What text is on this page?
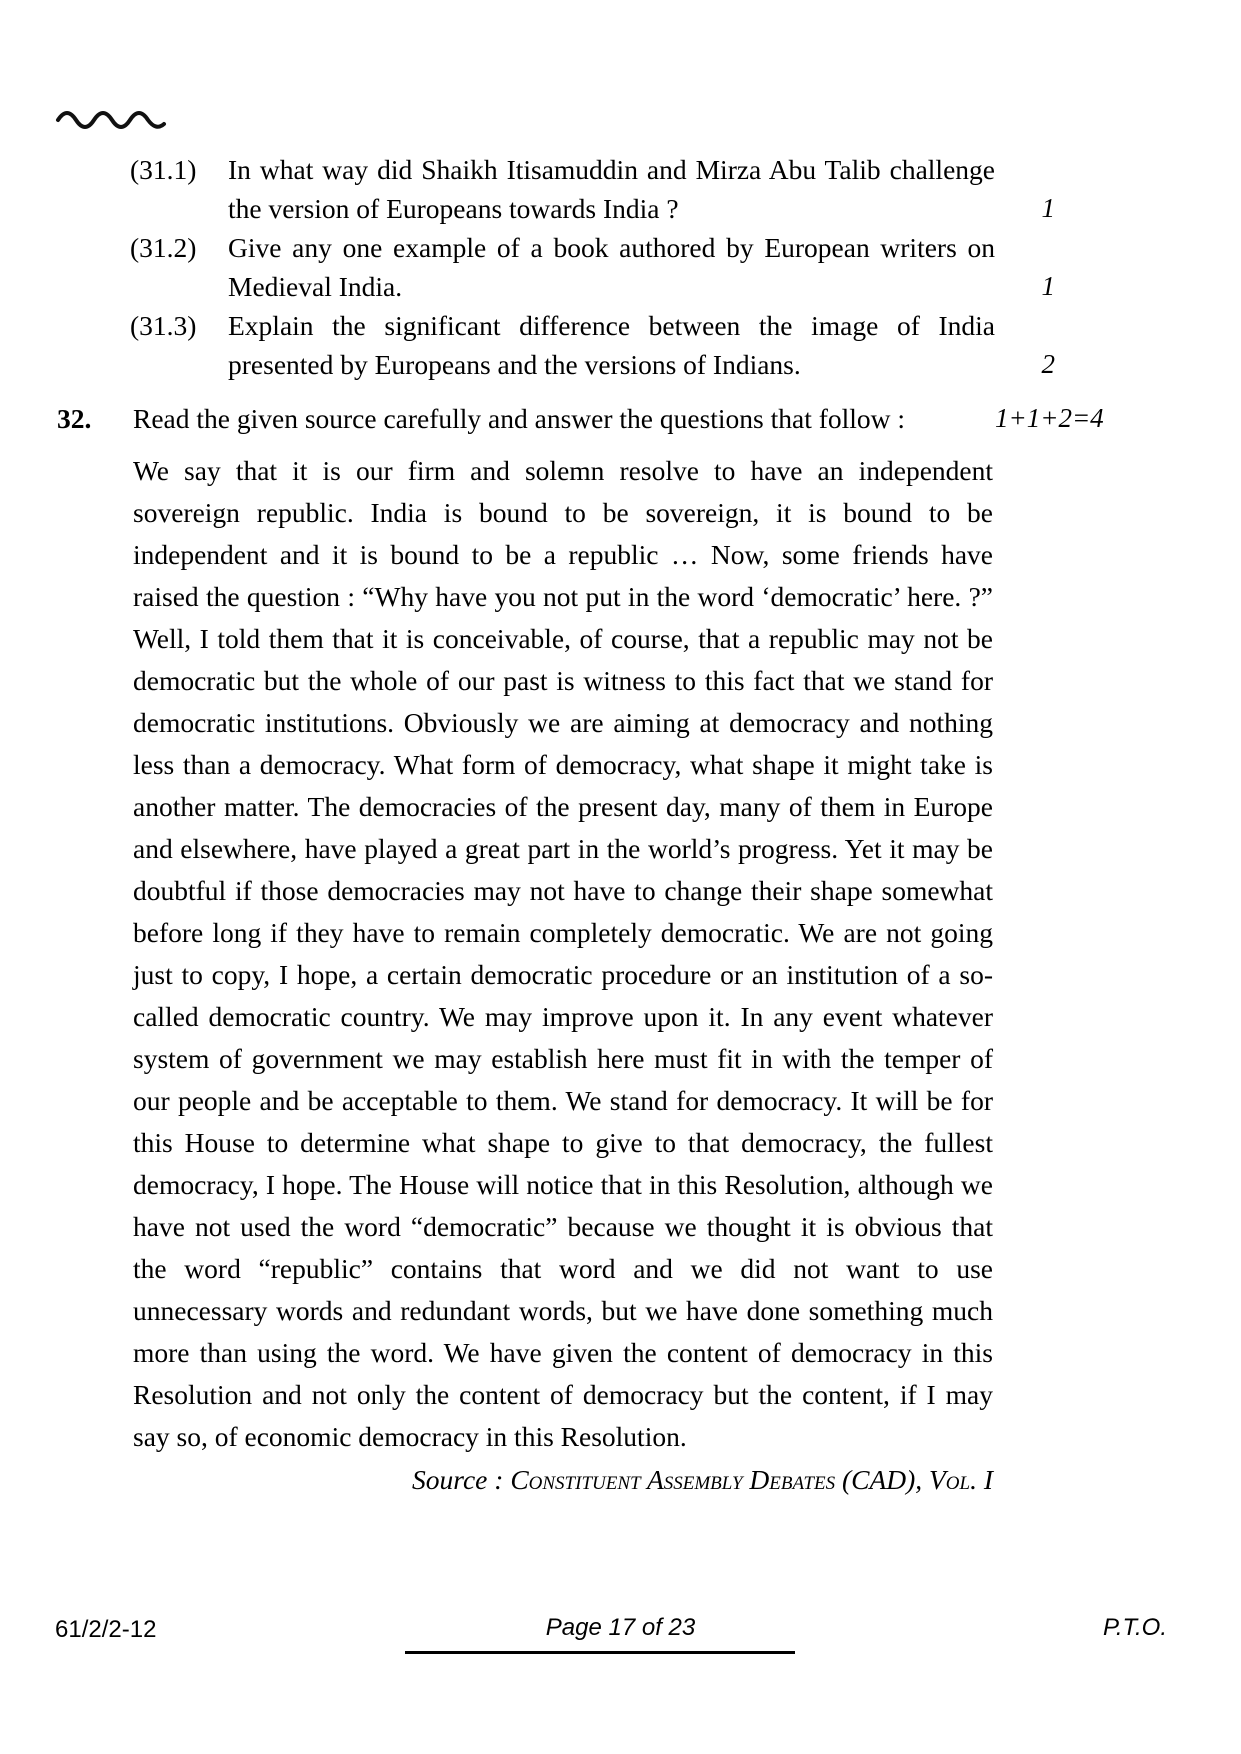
(31.1)	In what way did Shaikh Itisamuddin and Mirza Abu Talib challenge the version of Europeans towards India ?	1
(31.2)	Give any one example of a book authored by European writers on Medieval India.	1
(31.3)	Explain the significant difference between the image of India presented by Europeans and the versions of Indians.	2
32.	Read the given source carefully and answer the questions that follow :	1+1+2=4
We say that it is our firm and solemn resolve to have an independent sovereign republic. India is bound to be sovereign, it is bound to be independent and it is bound to be a republic … Now, some friends have raised the question : “Why have you not put in the word ‘democratic’ here. ?” Well, I told them that it is conceivable, of course, that a republic may not be democratic but the whole of our past is witness to this fact that we stand for democratic institutions. Obviously we are aiming at democracy and nothing less than a democracy. What form of democracy, what shape it might take is another matter. The democracies of the present day, many of them in Europe and elsewhere, have played a great part in the world’s progress. Yet it may be doubtful if those democracies may not have to change their shape somewhat before long if they have to remain completely democratic. We are not going just to copy, I hope, a certain democratic procedure or an institution of a so-called democratic country. We may improve upon it. In any event whatever system of government we may establish here must fit in with the temper of our people and be acceptable to them. We stand for democracy. It will be for this House to determine what shape to give to that democracy, the fullest democracy, I hope. The House will notice that in this Resolution, although we have not used the word “democratic” because we thought it is obvious that the word “republic” contains that word and we did not want to use unnecessary words and redundant words, but we have done something much more than using the word. We have given the content of democracy in this Resolution and not only the content of democracy but the content, if I may say so, of economic democracy in this Resolution.
Source : Constituent Assembly Debates (CAD), Vol. I
61/2/2-12	Page 17 of 23	P.T.O.
